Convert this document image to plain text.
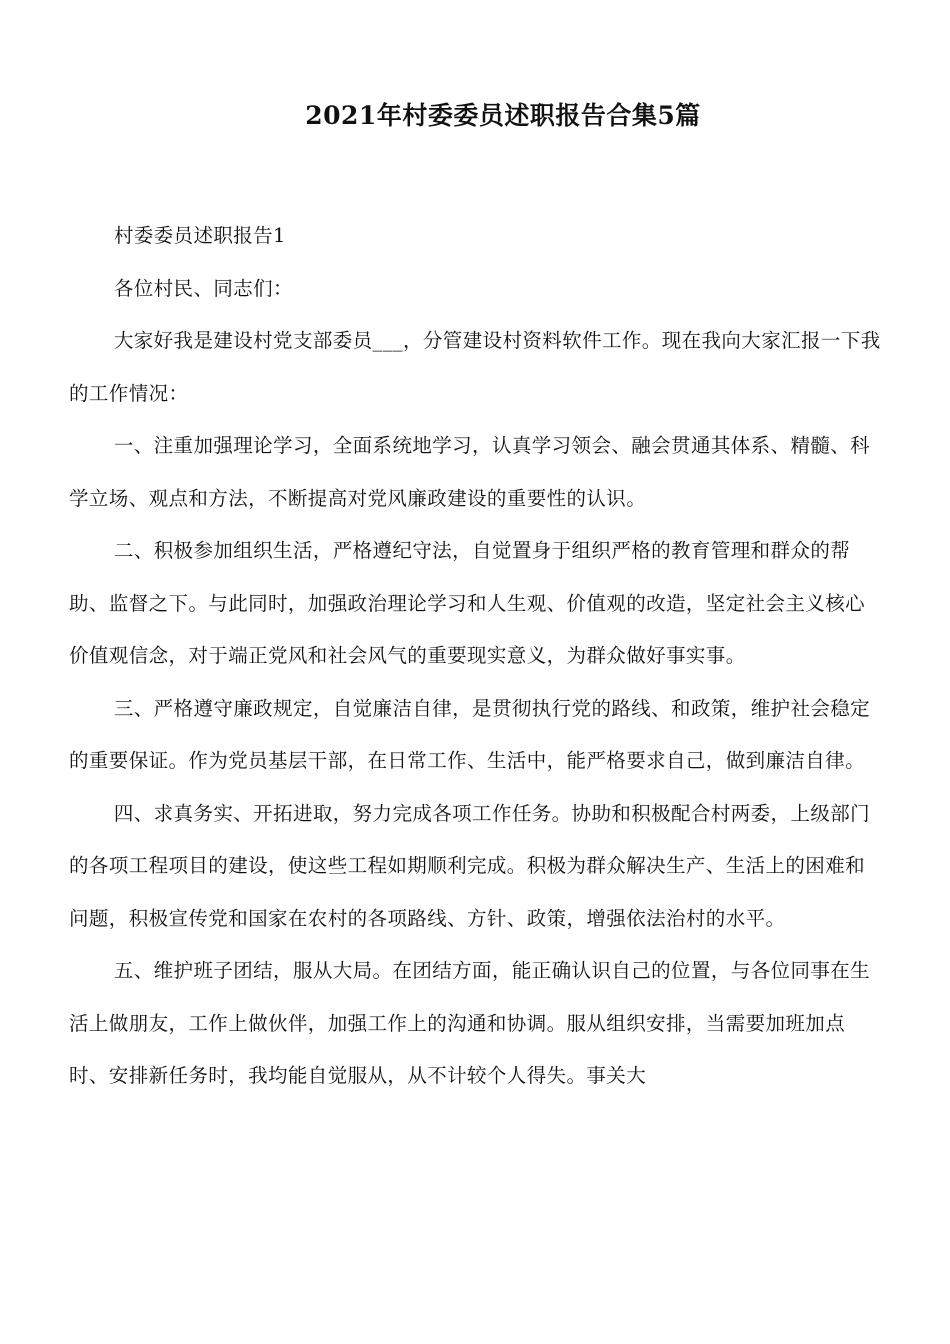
2021年村委委员述职报告合集5篇

村委委员述职报告1

各位村民、同志们：

大家好我是建设村党支部委员___，分管建设村资料软件工作。现在我向大家汇报一下我的工作情况：

一、注重加强理论学习，全面系统地学习，认真学习领会、融会贯通其体系、精髓、科学立场、观点和方法，不断提高对党风廉政建设的重要性的认识。

二、积极参加组织生活，严格遵纪守法，自觉置身于组织严格的教育管理和群众的帮助、监督之下。与此同时，加强政治理论学习和人生观、价值观的改造，坚定社会主义核心价值观信念，对于端正党风和社会风气的重要现实意义，为群众做好事实事。

三、严格遵守廉政规定，自觉廉洁自律，是贯彻执行党的路线、和政策，维护社会稳定的重要保证。作为党员基层干部，在日常工作、生活中，能严格要求自己，做到廉洁自律。

四、求真务实、开拓进取，努力完成各项工作任务。协助和积极配合村两委，上级部门的各项工程项目的建设，使这些工程如期顺利完成。积极为群众解决生产、生活上的困难和问题，积极宣传党和国家在农村的各项路线、方针、政策，增强依法治村的水平。

五、维护班子团结，服从大局。在团结方面，能正确认识自己的位置，与各位同事在生活上做朋友，工作上做伙伴，加强工作上的沟通和协调。服从组织安排，当需要加班加点时、安排新任务时，我均能自觉服从，从不计较个人得失。事关大
